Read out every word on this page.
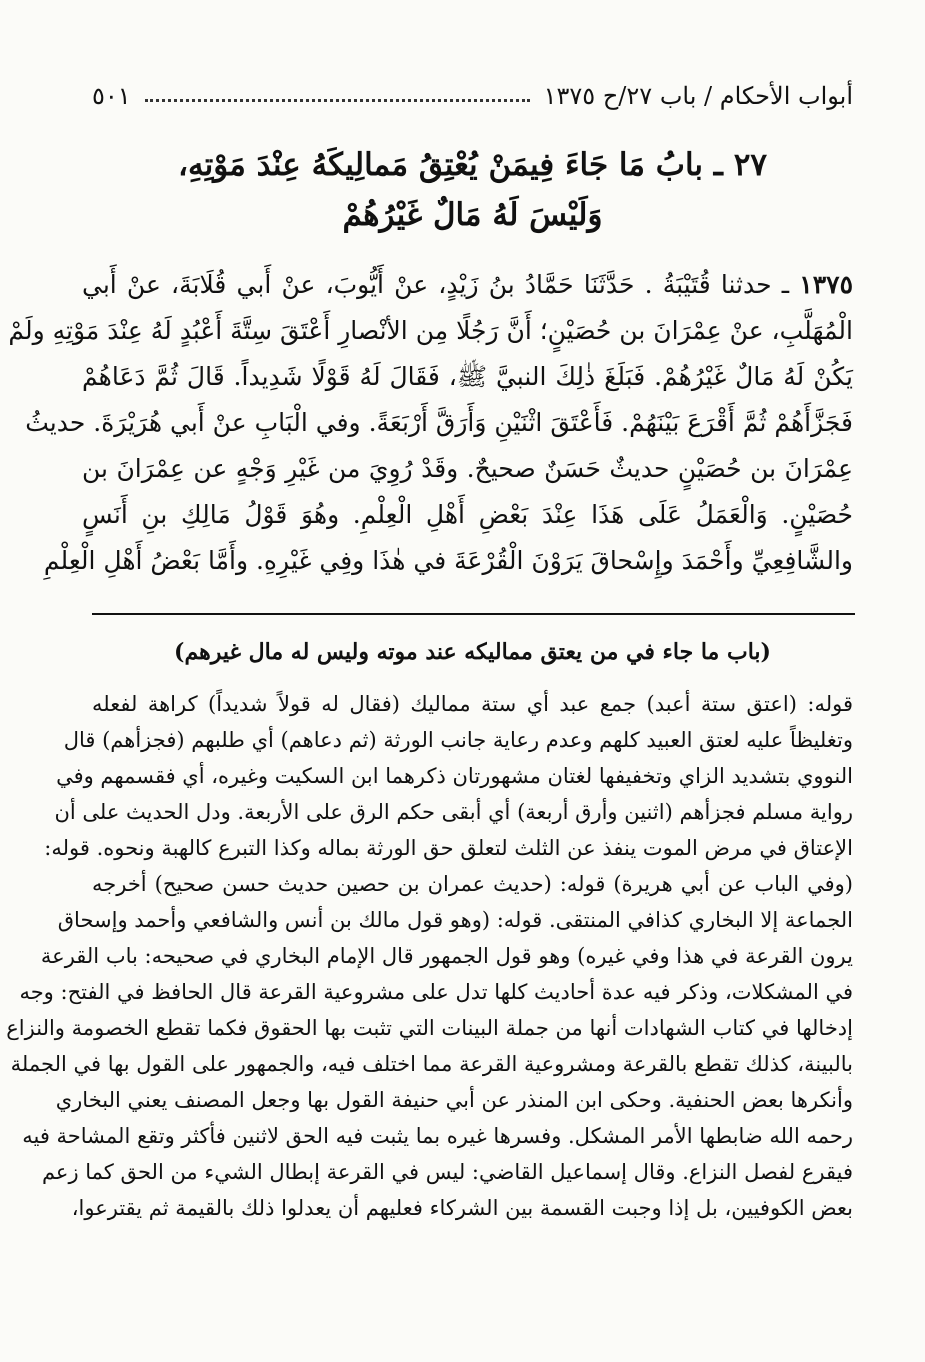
أبواب الأحكام / باب ٢٧/ح ١٣٧٥
٥٠١
٢٧ ـ بابُ مَا جَاءَ فِيمَنْ يُعْتِقُ مَمالِيكَهُ عِنْدَ مَوْتِهِ،
وَلَيْسَ لَهُ مَالٌ غَيْرُهُمْ
١٣٧٥ ـ حدثنا قُتَيْبَةُ . حَدَّثَنَا حَمَّادُ بنُ زَيْدٍ، عنْ أَيُّوبَ، عنْ أَبي قُلَابَةَ، عنْ أَبي
الْمُهَلَّبِ، عنْ عِمْرَانَ بن حُصَيْنٍ؛ أَنَّ رَجُلًا مِن الأنْصارِ أَعْتَقَ سِتَّةَ أَعْبُدٍ لَهُ عِنْدَ مَوْتِهِ ولَمْ
يَكُنْ لَهُ مَالٌ غَيْرُهُمْ. فَبَلَغَ ذٰلِكَ النبيَّ ﷺ، فَقَالَ لَهُ قَوْلًا شَدِيداً. قَالَ ثُمَّ دَعَاهُمْ
فَجَزَّأَهُمْ ثُمَّ أَقْرَعَ بَيْنَهُمْ. فَأَعْتَقَ اثْنَيْنِ وَأَرَقَّ أَرْبَعَةً. وفي الْبَابِ عنْ أَبي هُرَيْرَةَ. حديثُ
عِمْرَانَ بن حُصَيْنٍ حديثٌ حَسَنٌ صحيحٌ. وقَدْ رُوِيَ من غَيْرِ وَجْهٍ عن عِمْرَانَ بن
حُصَيْنٍ. وَالْعَمَلُ عَلَى هَذَا عِنْدَ بَعْضِ أَهْلِ الْعِلْمِ. وهُوَ قَوْلُ مَالِكِ بنِ أَنَسٍ
والشَّافِعِيِّ وأَحْمَدَ وإِسْحاقَ يَرَوْنَ الْقُرْعَةَ في هٰذَا وفِي غَيْرِهِ. وأَمَّا بَعْضُ أَهْلِ الْعِلْمِ
(باب ما جاء في من يعتق مماليكه عند موته وليس له مال غيرهم)
قوله: (اعتق ستة أعبد) جمع عبد أي ستة مماليك (فقال له قولاً شديداً) كراهة لفعله
وتغليظاً عليه لعتق العبيد كلهم وعدم رعاية جانب الورثة (ثم دعاهم) أي طلبهم (فجزأهم) قال
النووي بتشديد الزاي وتخفيفها لغتان مشهورتان ذكرهما ابن السكيت وغيره، أي فقسمهم وفي
رواية مسلم فجزأهم (اثنين وأرق أربعة) أي أبقى حكم الرق على الأربعة. ودل الحديث على أن
الإعتاق في مرض الموت ينفذ عن الثلث لتعلق حق الورثة بماله وكذا التبرع كالهبة ونحوه. قوله:
(وفي الباب عن أبي هريرة) قوله: (حديث عمران بن حصين حديث حسن صحيح) أخرجه
الجماعة إلا البخاري كذافي المنتقى. قوله: (وهو قول مالك بن أنس والشافعي وأحمد وإسحاق
يرون القرعة في هذا وفي غيره) وهو قول الجمهور قال الإمام البخاري في صحيحه: باب القرعة
في المشكلات، وذكر فيه عدة أحاديث كلها تدل على مشروعية القرعة قال الحافظ في الفتح: وجه
إدخالها في كتاب الشهادات أنها من جملة البينات التي تثبت بها الحقوق فكما تقطع الخصومة والنزاع
بالبينة، كذلك تقطع بالقرعة ومشروعية القرعة مما اختلف فيه، والجمهور على القول بها في الجملة
وأنكرها بعض الحنفية. وحكى ابن المنذر عن أبي حنيفة القول بها وجعل المصنف يعني البخاري
رحمه الله ضابطها الأمر المشكل. وفسرها غيره بما يثبت فيه الحق لاثنين فأكثر وتقع المشاحة فيه
فيقرع لفصل النزاع. وقال إسماعيل القاضي: ليس في القرعة إبطال الشيء من الحق كما زعم
بعض الكوفيين، بل إذا وجبت القسمة بين الشركاء فعليهم أن يعدلوا ذلك بالقيمة ثم يقترعوا،
